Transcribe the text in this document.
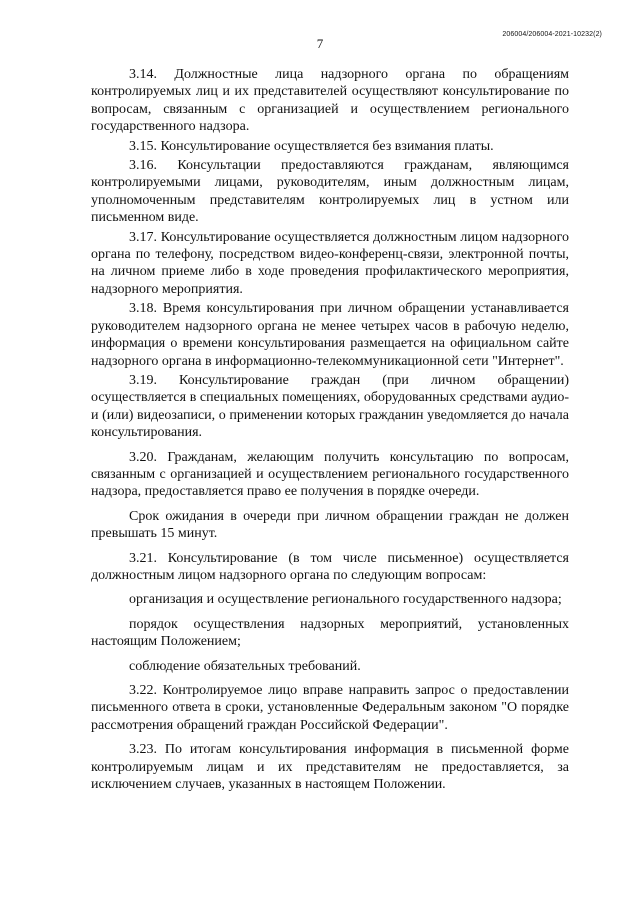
7
206004/206004-2021-10232(2)

3.14. Должностные лица надзорного органа по обращениям контролируемых лиц и их представителей осуществляют консультирование по вопросам, связанным с организацией и осуществлением регионального государственного надзора.

3.15. Консультирование осуществляется без взимания платы.

3.16. Консультации предоставляются гражданам, являющимся контролируемыми лицами, руководителям, иным должностным лицам, уполномоченным представителям контролируемых лиц в устном или письменном виде.

3.17. Консультирование осуществляется должностным лицом надзорного органа по телефону, посредством видео-конференц-связи, электронной почты, на личном приеме либо в ходе проведения профилактического мероприятия, надзорного мероприятия.

3.18. Время консультирования при личном обращении устанавливается руководителем надзорного органа не менее четырех часов в рабочую неделю, информация о времени консультирования размещается на официальном сайте надзорного органа в информационно-телекоммуникационной сети "Интернет".

3.19. Консультирование граждан (при личном обращении) осуществляется в специальных помещениях, оборудованных средствами аудио- и (или) видеозаписи, о применении которых гражданин уведомляется до начала консультирования.

3.20. Гражданам, желающим получить консультацию по вопросам, связанным с организацией и осуществлением регионального государственного надзора, предоставляется право ее получения в порядке очереди.

Срок ожидания в очереди при личном обращении граждан не должен превышать 15 минут.

3.21. Консультирование (в том числе письменное) осуществляется должностным лицом надзорного органа по следующим вопросам:

организация и осуществление регионального государственного надзора;

порядок осуществления надзорных мероприятий, установленных настоящим Положением;

соблюдение обязательных требований.

3.22. Контролируемое лицо вправе направить запрос о предоставлении письменного ответа в сроки, установленные Федеральным законом "О порядке рассмотрения обращений граждан Российской Федерации".

3.23. По итогам консультирования информация в письменной форме контролируемым лицам и их представителям не предоставляется, за исключением случаев, указанных в настоящем Положении.
